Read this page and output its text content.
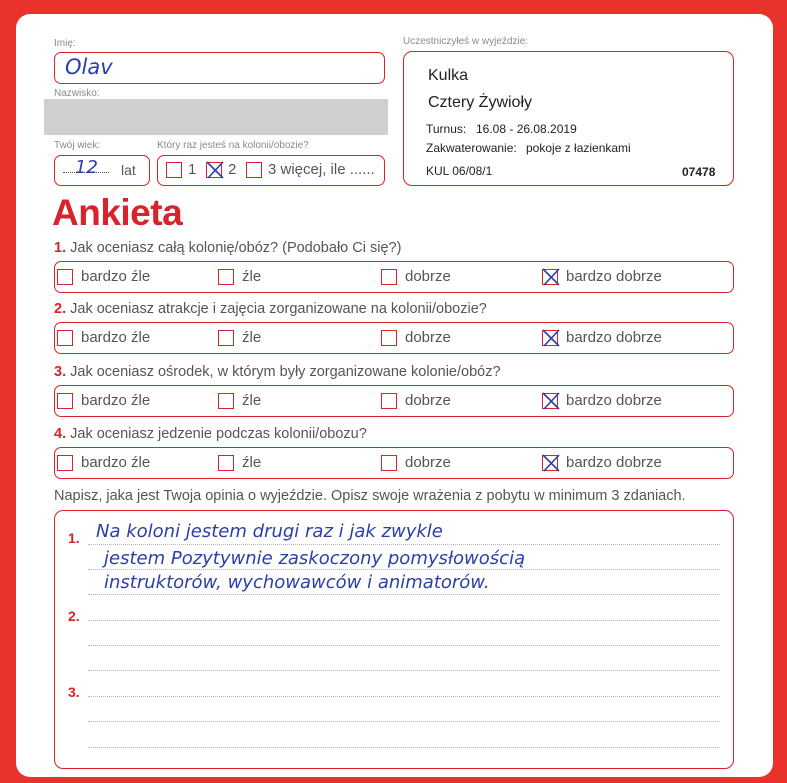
Imię:
Olav
Nazwisko:
Twój wiek:
12 lat
Który raz jesteś na kolonii/obozie?
1 2 3 więcej, ile ......
Uczestniczyłeś w wyjeździe:
Kulka
Cztery Żywioły
Turnus: 16.08 - 26.08.2019
Zakwaterowanie: pokoje z łazienkami
KUL 06/08/1	07478
Ankieta
1. Jak oceniasz całą kolonię/obóz? (Podobało Ci się?)
bardzo źle	źle	dobrze	bardzo dobrze
2. Jak oceniasz atrakcje i zajęcia zorganizowane na kolonii/obozie?
bardzo źle	źle	dobrze	bardzo dobrze
3. Jak oceniasz ośrodek, w którym były zorganizowane kolonie/obóz?
bardzo źle	źle	dobrze	bardzo dobrze
4. Jak oceniasz jedzenie podczas kolonii/obozu?
bardzo źle	źle	dobrze	bardzo dobrze
Napisz, jaka jest Twoja opinia o wyjeździe. Opisz swoje wrażenia z pobytu w minimum 3 zdaniach.
1.
2.
3.
Na koloni jestem drugi raz i jak zwykle
jestem Pozytywnie zaskoczony pomysłowością
instruktorów, wychowawców i animatorów.
